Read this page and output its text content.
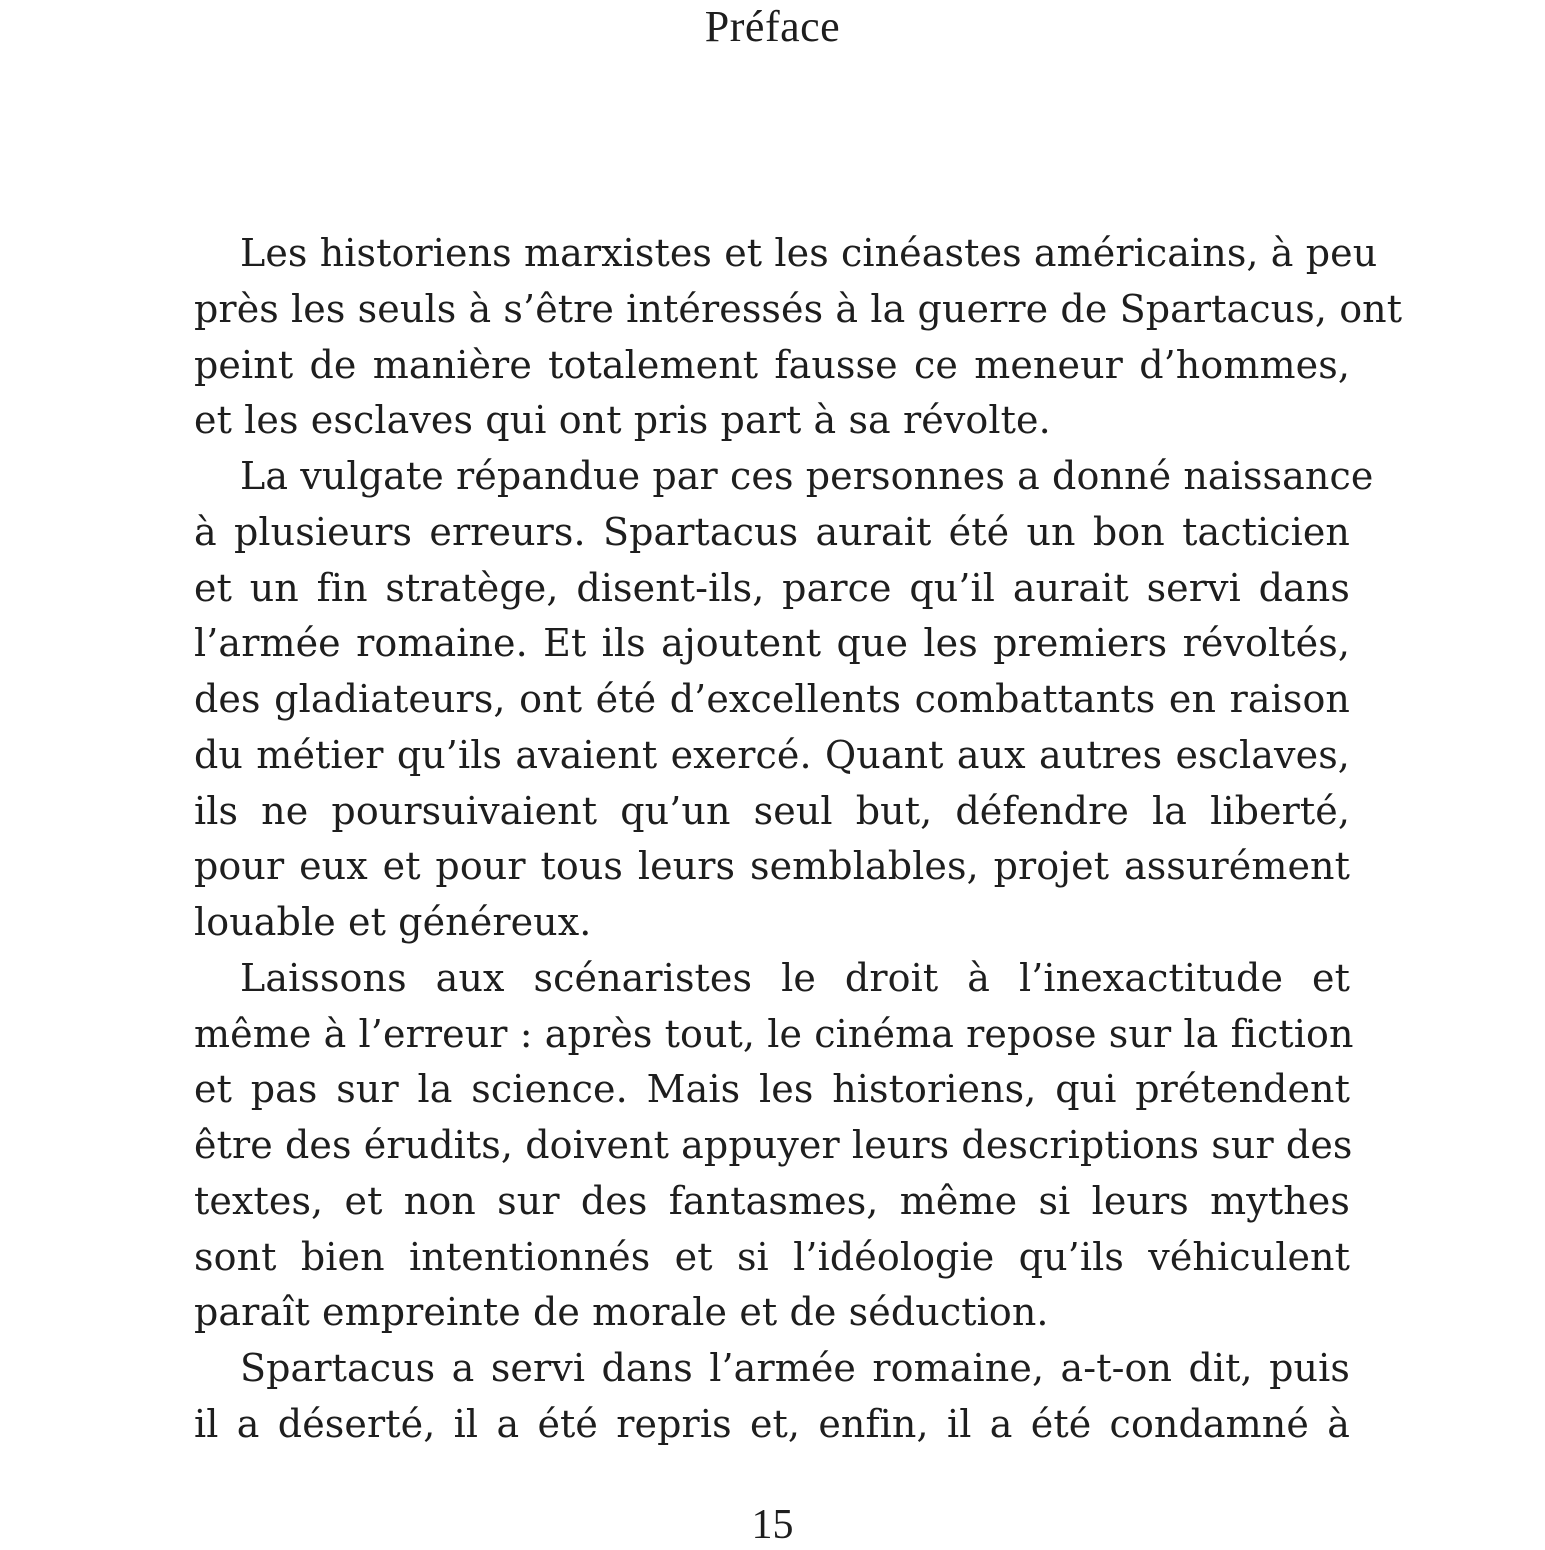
Préface
Les historiens marxistes et les cinéastes américains, à peu
près les seuls à s’être intéressés à la guerre de Spartacus, ont
peint de manière totalement fausse ce meneur d’hommes,
et les esclaves qui ont pris part à sa révolte.
La vulgate répandue par ces personnes a donné naissance
à plusieurs erreurs. Spartacus aurait été un bon tacticien
et un fin stratège, disent-ils, parce qu’il aurait servi dans
l’armée romaine. Et ils ajoutent que les premiers révoltés,
des gladiateurs, ont été d’excellents combattants en raison
du métier qu’ils avaient exercé. Quant aux autres esclaves,
ils ne poursuivaient qu’un seul but, défendre la liberté,
pour eux et pour tous leurs semblables, projet assurément
louable et généreux.
Laissons aux scénaristes le droit à l’inexactitude et
même à l’erreur : après tout, le cinéma repose sur la fiction
et pas sur la science. Mais les historiens, qui prétendent
être des érudits, doivent appuyer leurs descriptions sur des
textes, et non sur des fantasmes, même si leurs mythes
sont bien intentionnés et si l’idéologie qu’ils véhiculent
paraît empreinte de morale et de séduction.
Spartacus a servi dans l’armée romaine, a-t-on dit, puis
il a déserté, il a été repris et, enfin, il a été condamné à
15
